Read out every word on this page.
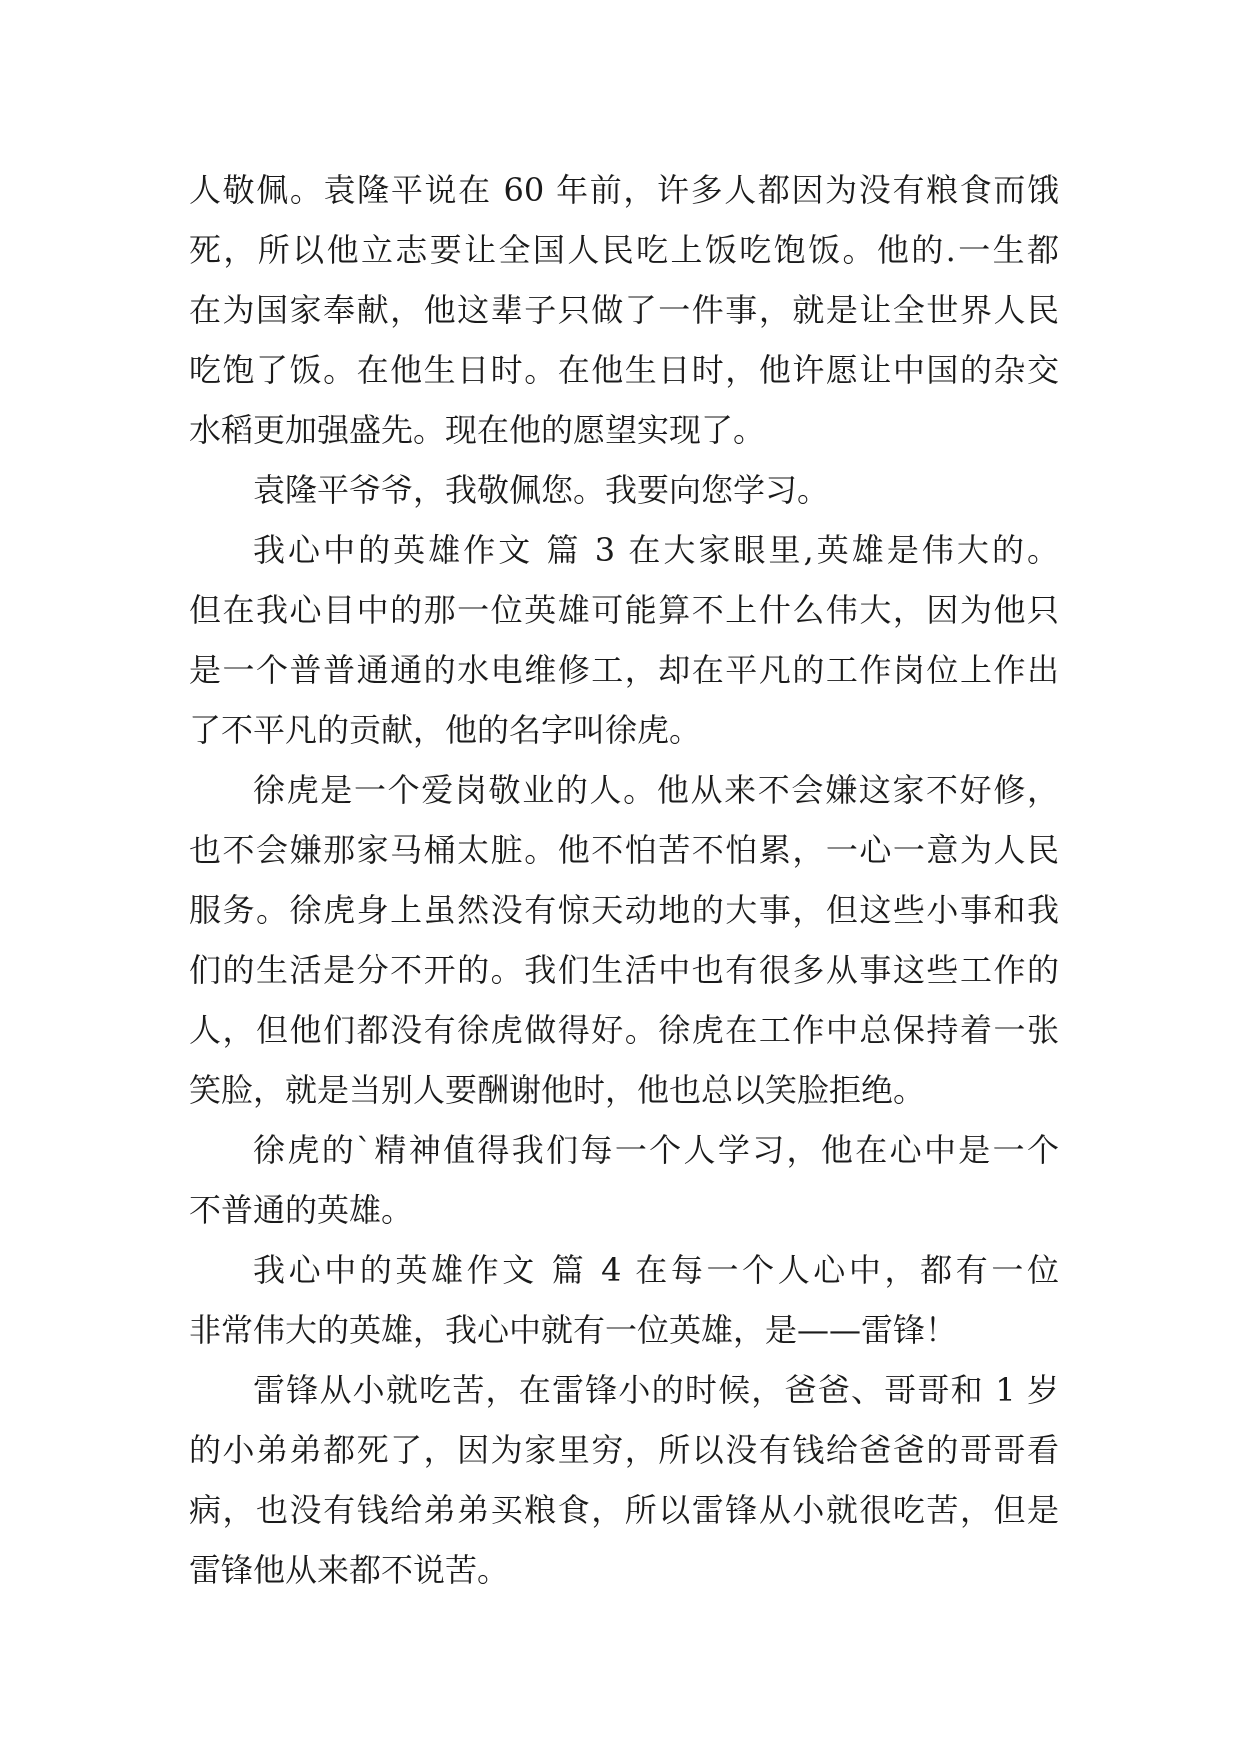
人敬佩。袁隆平说在 60 年前，许多人都因为没有粮食而饿
死，所以他立志要让全国人民吃上饭吃饱饭。他的.一生都
在为国家奉献，他这辈子只做了一件事，就是让全世界人民
吃饱了饭。在他生日时。在他生日时，他许愿让中国的杂交
水稻更加强盛先。现在他的愿望实现了。
袁隆平爷爷，我敬佩您。我要向您学习。
我心中的英雄作文 篇 3 在大家眼里,英雄是伟大的。
但在我心目中的那一位英雄可能算不上什么伟大，因为他只
是一个普普通通的水电维修工，却在平凡的工作岗位上作出
了不平凡的贡献，他的名字叫徐虎。
徐虎是一个爱岗敬业的人。他从来不会嫌这家不好修，
也不会嫌那家马桶太脏。他不怕苦不怕累，一心一意为人民
服务。徐虎身上虽然没有惊天动地的大事，但这些小事和我
们的生活是分不开的。我们生活中也有很多从事这些工作的
人，但他们都没有徐虎做得好。徐虎在工作中总保持着一张
笑脸，就是当别人要酬谢他时，他也总以笑脸拒绝。
徐虎的`精神值得我们每一个人学习，他在心中是一个
不普通的英雄。
我心中的英雄作文 篇 4 在每一个人心中，都有一位
非常伟大的英雄，我心中就有一位英雄，是——雷锋！
雷锋从小就吃苦，在雷锋小的时候，爸爸、哥哥和 1 岁
的小弟弟都死了，因为家里穷，所以没有钱给爸爸的哥哥看
病，也没有钱给弟弟买粮食，所以雷锋从小就很吃苦，但是
雷锋他从来都不说苦。
